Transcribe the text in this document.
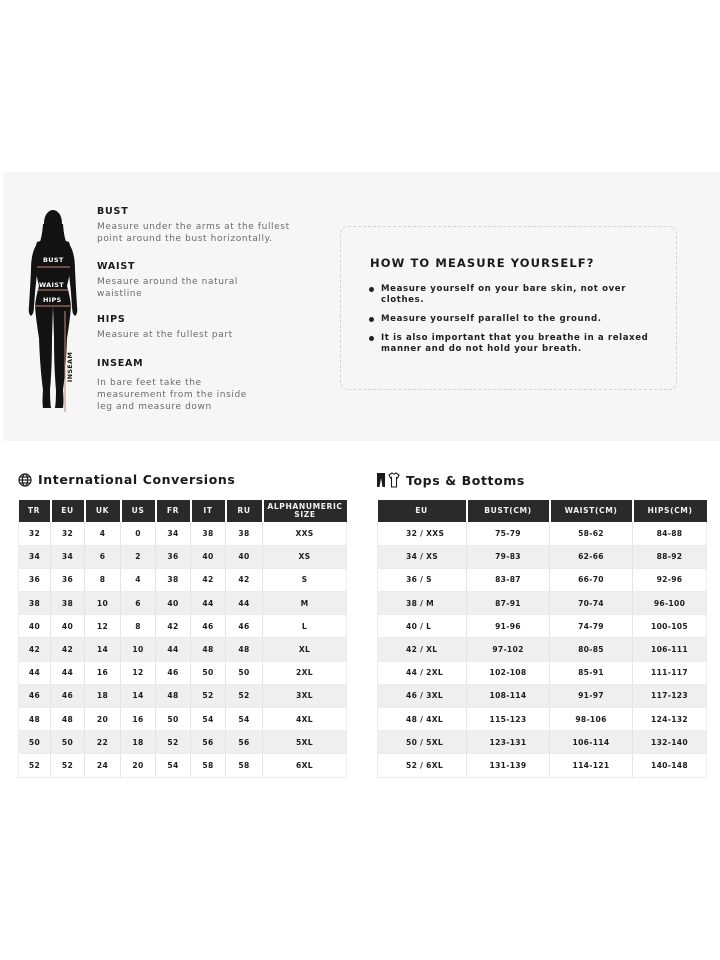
BUST
WAIST
HIPS
INSEAM
BUST
Measure under the arms at the fullest point around the bust horizontally.
WAIST
Mesaure around the natural waistline
HIPS
Measure at the fullest part
INSEAM
In bare feet take the measurement from the inside leg and measure down
HOW TO MEASURE YOURSELF?
Measure yourself on your bare skin, not over clothes.
Measure yourself parallel to the ground.
It is also important that you breathe in a relaxed manner and do not hold your breath.
International Conversions	Tops & Bottoms
TR	EU	UK	US	FR	IT	RU	ALPHANUMERIC SIZE
32	32	4	0	34	38	38	XXS
34	34	6	2	36	40	40	XS
36	36	8	4	38	42	42	S
38	38	10	6	40	44	44	M
40	40	12	8	42	46	46	L
42	42	14	10	44	48	48	XL
44	44	16	12	46	50	50	2XL
46	46	18	14	48	52	52	3XL
48	48	20	16	50	54	54	4XL
50	50	22	18	52	56	56	5XL
52	52	24	20	54	58	58	6XL
EU	BUST(CM)	WAIST(CM)	HIPS(CM)
32 / XXS	75-79	58-62	84-88
34 / XS	79-83	62-66	88-92
36 / S	83-87	66-70	92-96
38 / M	87-91	70-74	96-100
40 / L	91-96	74-79	100-105
42 / XL	97-102	80-85	106-111
44 / 2XL	102-108	85-91	111-117
46 / 3XL	108-114	91-97	117-123
48 / 4XL	115-123	98-106	124-132
50 / 5XL	123-131	106-114	132-140
52 / 6XL	131-139	114-121	140-148
